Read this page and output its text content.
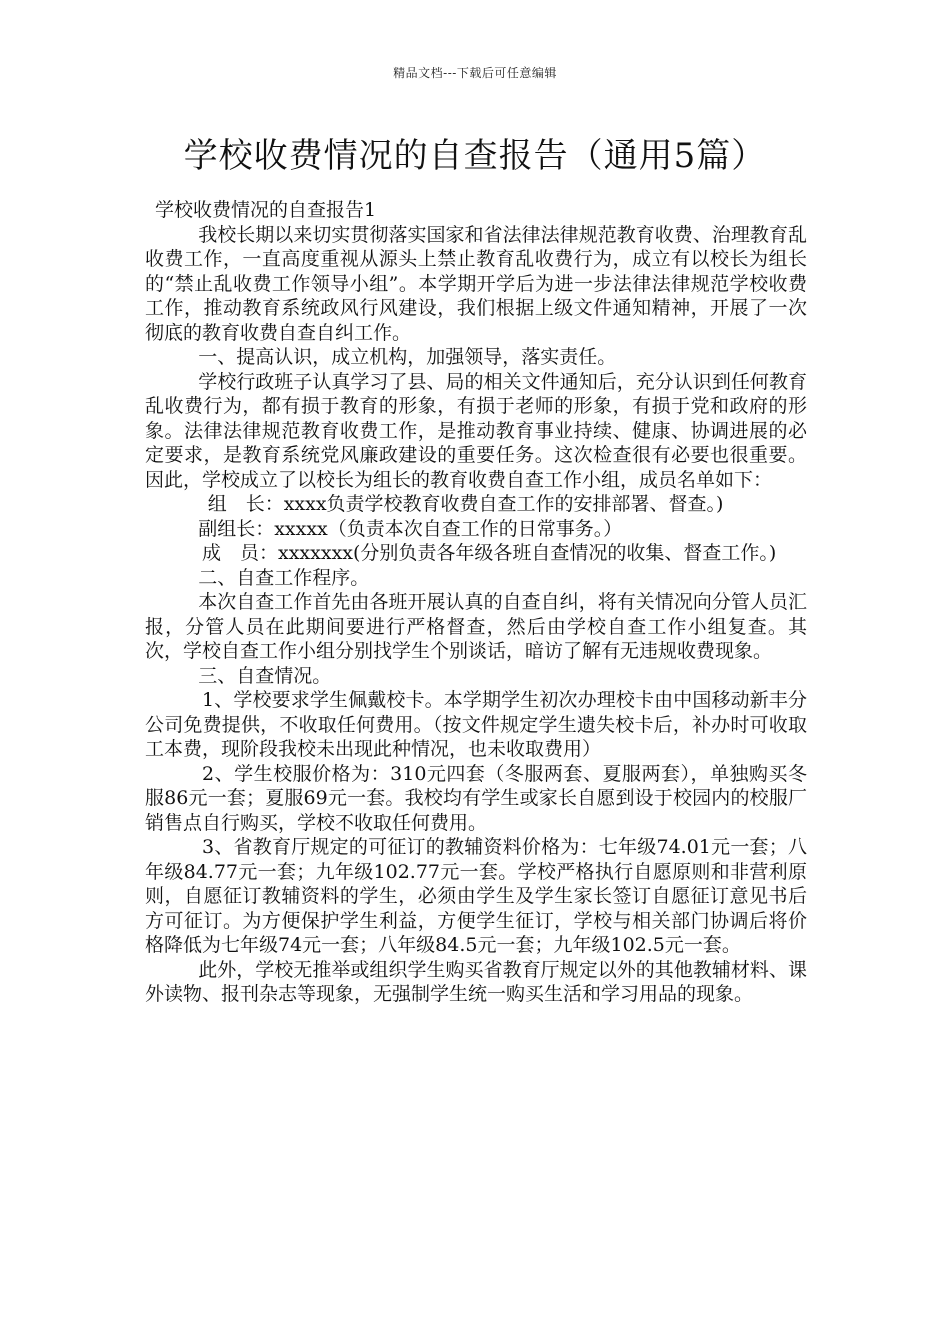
精品文档---下载后可任意编辑
学校收费情况的自查报告（通用5篇）

学校收费情况的自查报告1

我校长期以来切实贯彻落实国家和省法律法律规范教育收费、治理教育乱收费工作，一直高度重视从源头上禁止教育乱收费行为，成立有以校长为组长的“禁止乱收费工作领导小组”。本学期开学后为进一步法律法律规范学校收费工作，推动教育系统政风行风建设，我们根据上级文件通知精神，开展了一次彻底的教育收费自查自纠工作。

一、提高认识，成立机构，加强领导，落实责任。

学校行政班子认真学习了县、局的相关文件通知后，充分认识到任何教育乱收费行为，都有损于教育的形象，有损于老师的形象，有损于党和政府的形象。法律法律规范教育收费工作，是推动教育事业持续、健康、协调进展的必定要求，是教育系统党风廉政建设的重要任务。这次检查很有必要也很重要。因此，学校成立了以校长为组长的教育收费自查工作小组，成员名单如下：

组　长：xxxx负责学校教育收费自查工作的安排部署、督查。)

副组长：xxxxx（负责本次自查工作的日常事务。）

成　员：xxxxxxx(分别负责各年级各班自查情况的收集、督查工作。)

二、自查工作程序。

本次自查工作首先由各班开展认真的自查自纠，将有关情况向分管人员汇报，分管人员在此期间要进行严格督查，然后由学校自查工作小组复查。其次，学校自查工作小组分别找学生个别谈话，暗访了解有无违规收费现象。

三、自查情况。

1、学校要求学生佩戴校卡。本学期学生初次办理校卡由中国移动新丰分公司免费提供，不收取任何费用。（按文件规定学生遗失校卡后，补办时可收取工本费，现阶段我校未出现此种情况，也未收取费用）

2、学生校服价格为：310元四套（冬服两套、夏服两套），单独购买冬服86元一套；夏服69元一套。我校均有学生或家长自愿到设于校园内的校服厂销售点自行购买，学校不收取任何费用。

3、省教育厅规定的可征订的教辅资料价格为：七年级74.01元一套；八年级84.77元一套；九年级102.77元一套。学校严格执行自愿原则和非营利原则，自愿征订教辅资料的学生，必须由学生及学生家长签订自愿征订意见书后方可征订。为方便保护学生利益，方便学生征订，学校与相关部门协调后将价格降低为七年级74元一套；八年级84.5元一套；九年级102.5元一套。

此外，学校无推举或组织学生购买省教育厅规定以外的其他教辅材料、课外读物、报刊杂志等现象，无强制学生统一购买生活和学习用品的现象。
